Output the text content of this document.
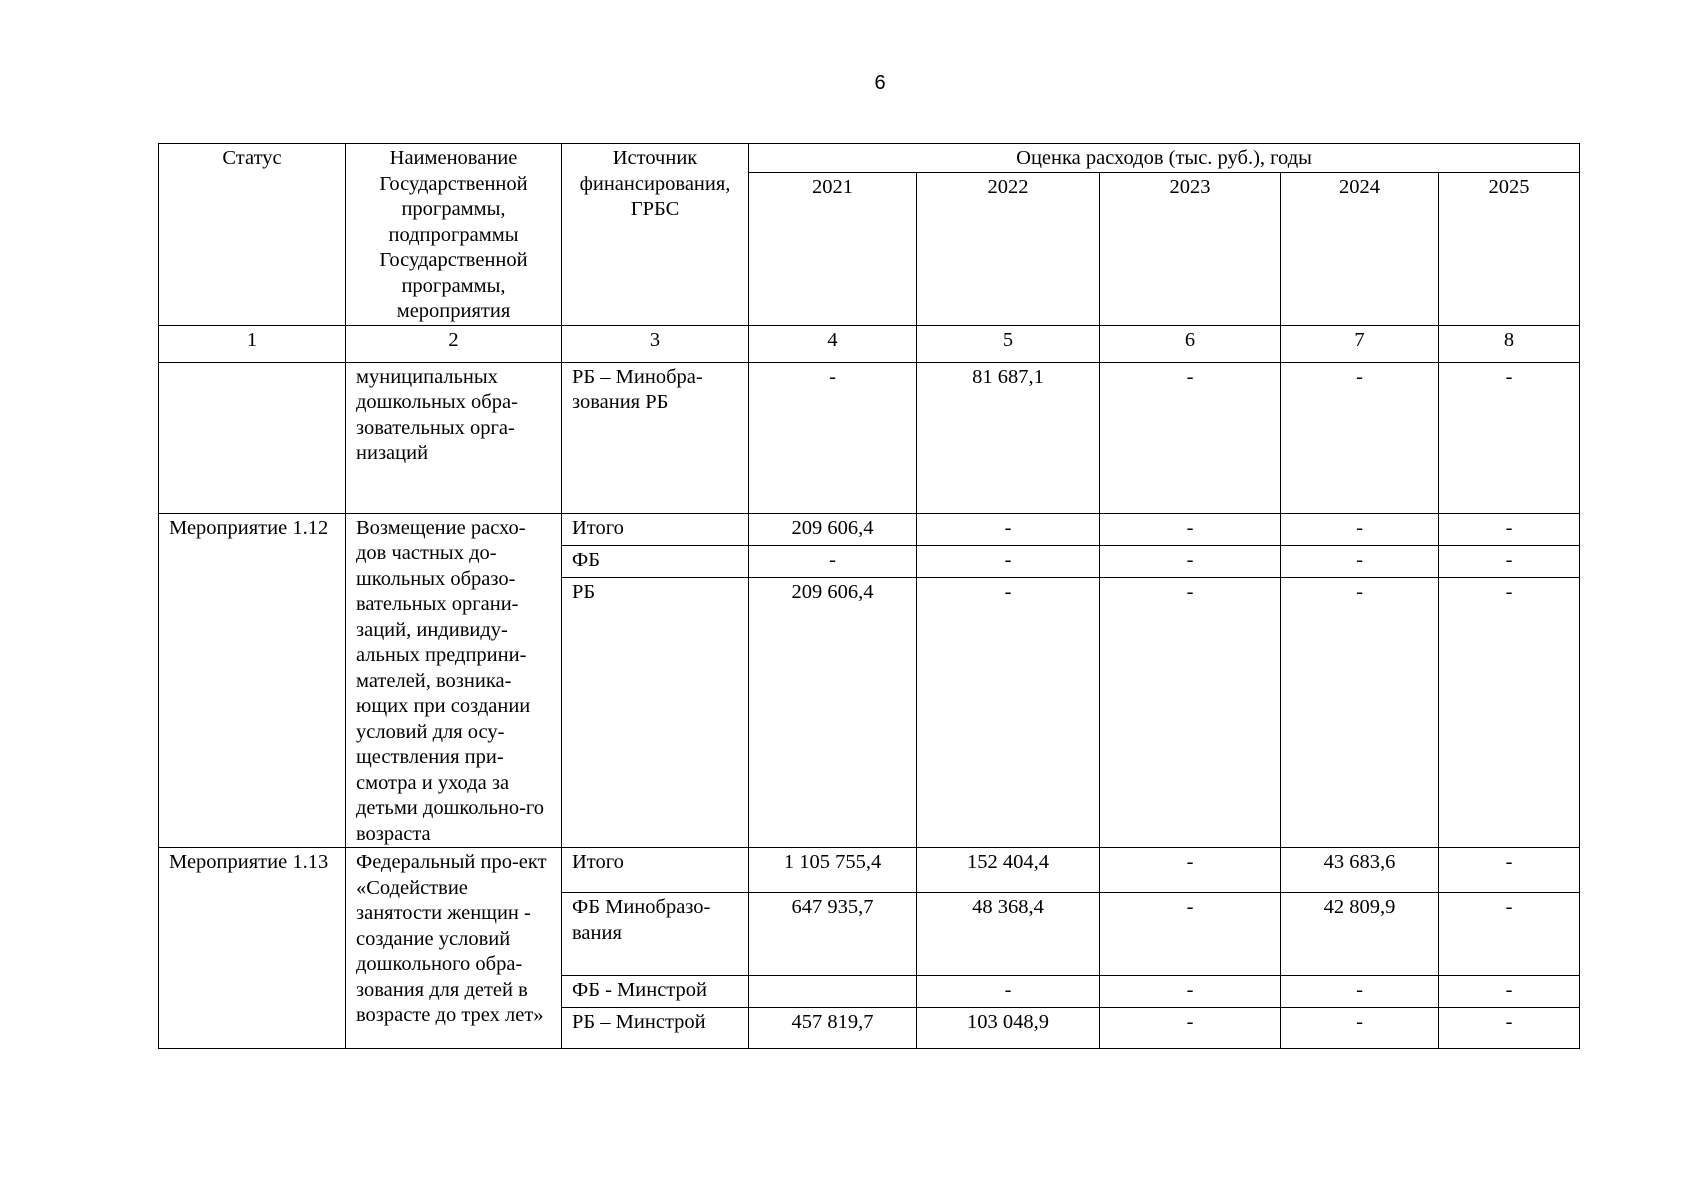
6
Статус	Наименование Государственной программы, подпрограммы Государственной программы, мероприятия	Источник финансирования, ГРБС	Оценка расходов (тыс. руб.), годы				
			2021	2022	2023	2024	2025
1	2	3	4	5	6	7	8
	муниципальных дошкольных обра-зовательных орга-низаций	РБ – Минобра-зования РБ	-	81 687,1	-	-	-
Мероприятие 1.12	Возмещение расхо-дов частных до-школьных образо-вательных органи-заций, индивиду-альных предприни-мателей, возника-ющих при создании условий для осу-ществления при-смотра и ухода за детьми дошкольно-го возраста	Итого	209 606,4	-	-	-	-
		ФБ	-	-	-	-	-
		РБ	209 606,4	-	-	-	-
Мероприятие 1.13	Федеральный про-ект «Содействие занятости женщин - создание условий дошкольного обра-зования для детей в возрасте до трех лет»	Итого	1 105 755,4	152 404,4	-	43 683,6	-
		ФБ Минобразо-вания	647 935,7	48 368,4	-	42 809,9	-
		ФБ - Минстрой		-	-	-	-
		РБ – Минстрой	457 819,7	103 048,9	-	-	-
